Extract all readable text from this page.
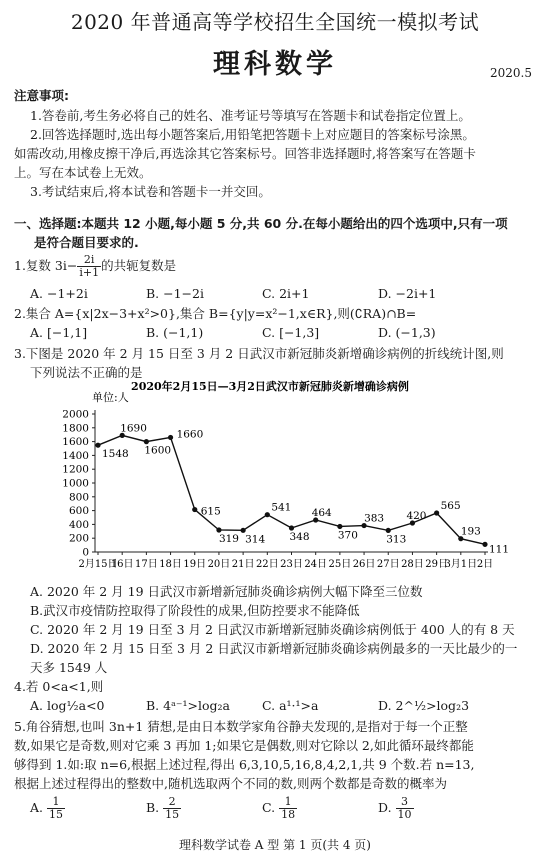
2020 年普通高等学校招生全国统一模拟考试
理科数学	2020.5
注意事项:
1.答卷前,考生务必将自己的姓名、准考证号等填写在答题卡和试卷指定位置上。
2.回答选择题时,选出每小题答案后,用铅笔把答题卡上对应题目的答案标号涂黑。
如需改动,用橡皮擦干净后,再选涂其它答案标号。回答非选择题时,将答案写在答题卡
上。写在本试卷上无效。
3.考试结束后,将本试卷和答题卡一并交回。
一、选择题:本题共 12 小题,每小题 5 分,共 60 分.在每小题给出的四个选项中,只有一项
是符合题目要求的.
1.复数 $3i- \frac{2i}{i+1}$ 的共轭复数是
A. −1+2i	B. −1−2i	C. 2i+1	D. −2i+1
2.集合 A={x|2x−3+x²>0},集合 B={y|y=x²−1,x∈R},则(∁RA)∩B=
A. [−1,1]	B. (−1,1)	C. [−1,3]	D. (−1,3)
3.下图是 2020 年 2 月 15 日至 3 月 2 日武汉市新冠肺炎新增确诊病例的折线统计图,则
下列说法不正确的是
2020年2月15日—3月2日武汉市新冠肺炎新增确诊病例
单位:人
0
200
400
600
800
1000
1200
1400
1600
1800
2000
2月15日
16日 17日 18日 19日 20日 21日 22日 23日 24日 25日 26日 27日 28日 29日
3月1日 2日
1548
1690
1600
1660
615
319 314
541
348
464
370
383
313
420
565
193
111
A. 2020 年 2 月 19 日武汉市新增新冠肺炎确诊病例大幅下降至三位数
B.武汉市疫情防控取得了阶段性的成果,但防控要求不能降低
C. 2020 年 2 月 19 日至 3 月 2 日武汉市新增新冠肺炎确诊病例低于 400 人的有 8 天
D. 2020 年 2 月 15 日至 3 月 2 日武汉市新增新冠肺炎确诊病例最多的一天比最少的一
天多 1549 人
4.若 0<a<1,则
A. log½a<0	B. 4ᵃ⁻¹>log₂a	C. a¹·¹>a	D. 2^½>log₂3
5.角谷猜想,也叫 3n+1 猜想,是由日本数学家角谷静夫发现的,是指对于每一个正整
数,如果它是奇数,则对它乘 3 再加 1;如果它是偶数,则对它除以 2,如此循环最终都能
够得到 1.如:取 n=6,根据上述过程,得出 6,3,10,5,16,8,4,2,1,共 9 个数.若 n=13,
根据上述过程得出的整数中,随机选取两个不同的数,则两个数都是奇数的概率为
A. $\frac{1}{15}$	B. $\frac{2}{15}$	C. $\frac{1}{18}$	D. $\frac{3}{10}$
理科数学试卷 A 型 第 1 页(共 4 页)
